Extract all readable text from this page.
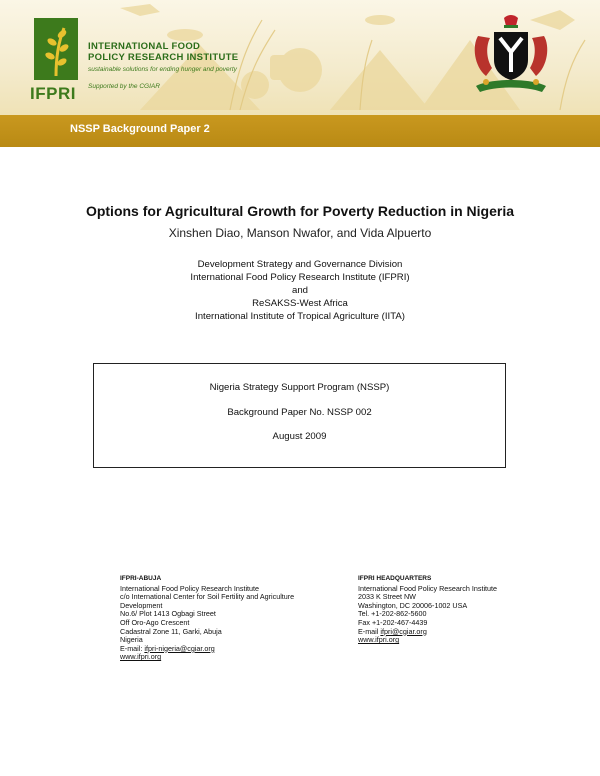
IFPRI
INTERNATIONAL FOOD
POLICY RESEARCH INSTITUTE
sustainable solutions for ending hunger and poverty
Supported by the CGIAR
NSSP Background Paper 2
Options for Agricultural Growth for Poverty Reduction in Nigeria
Xinshen Diao, Manson Nwafor, and Vida Alpuerto
Development Strategy and Governance Division
International Food Policy Research Institute (IFPRI)
and
ReSAKSS-West Africa
International Institute of Tropical Agriculture (IITA)
Nigeria Strategy Support Program (NSSP)
Background Paper No. NSSP 002
August 2009
IFPRI-ABUJA
International Food Policy Research Institute
c/o International Center for Soil Fertility and Agriculture
Development
No.6/ Plot 1413 Ogbagi Street
Off Oro-Ago Crescent
Cadastral Zone 11, Garki, Abuja
Nigeria
E-mail: ifpri-nigeria@cgiar.org
www.ifpri.org
IFPRI HEADQUARTERS
International Food Policy Research Institute
2033 K Street NW
Washington, DC 20006-1002 USA
Tel. +1-202-862-5600
Fax +1-202-467-4439
E-mail ifpri@cgiar.org
www.ifpri.org
